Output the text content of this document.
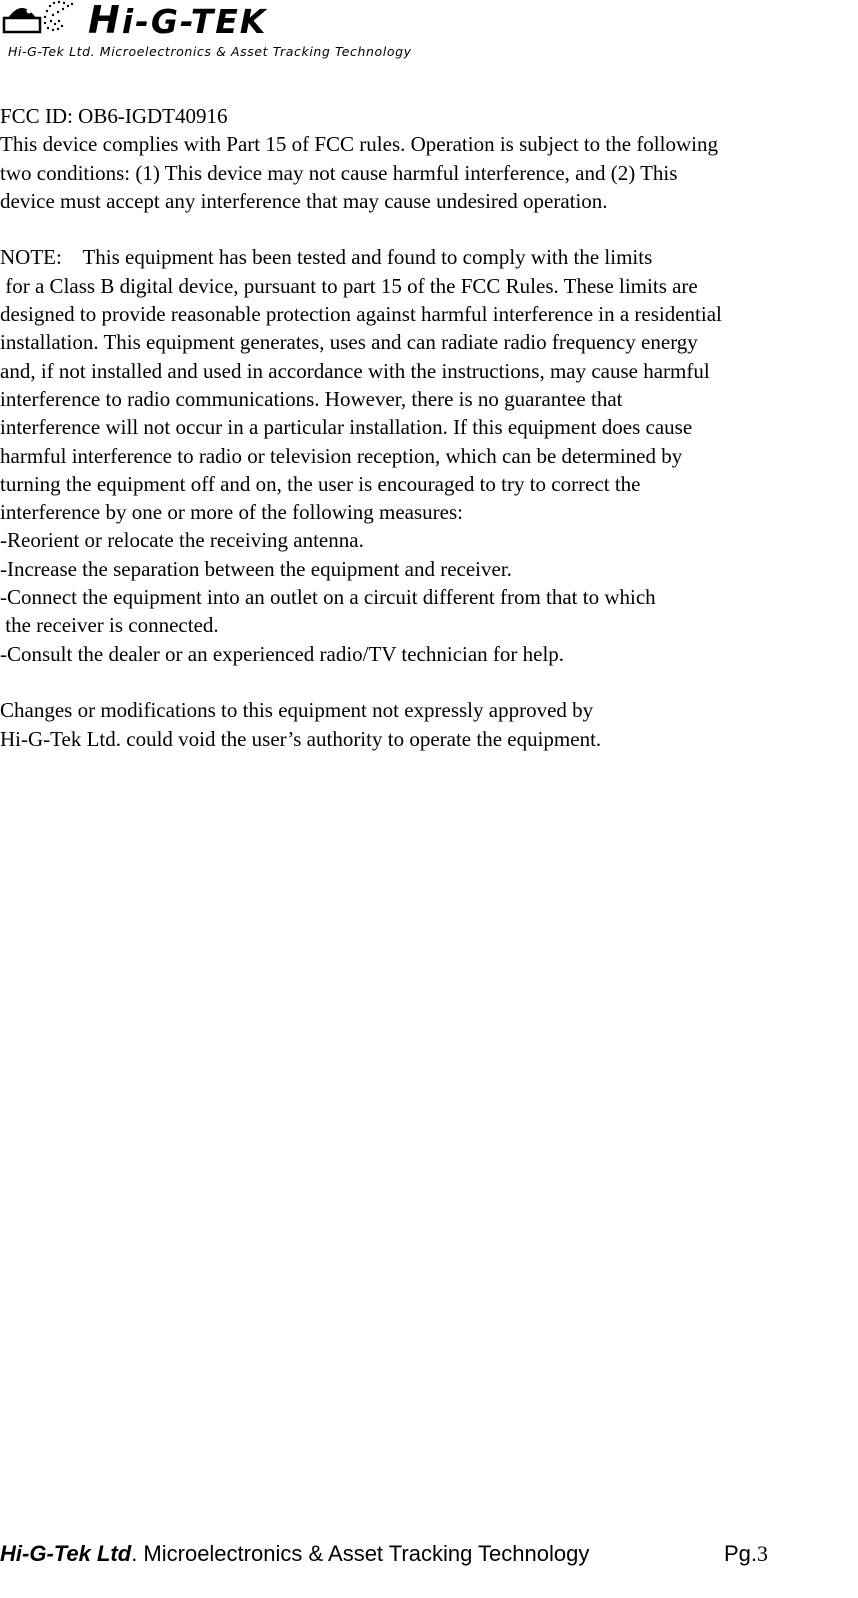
Hi-G-TEK
Hi-G-Tek Ltd. Microelectronics & Asset Tracking Technology

FCC ID: OB6-IGDT40916

This device complies with Part 15 of FCC rules. Operation is subject to the following

two conditions: (1) This device may not cause harmful interference, and (2) This

device must accept any interference that may cause undesired operation.

NOTE:    This equipment has been tested and found to comply with the limits

for a Class B digital device, pursuant to part 15 of the FCC Rules. These limits are

designed to provide reasonable protection against harmful interference in a residential

installation. This equipment generates, uses and can radiate radio frequency energy

and, if not installed and used in accordance with the instructions, may cause harmful

interference to radio communications. However, there is no guarantee that

interference will not occur in a particular installation. If this equipment does cause

harmful interference to radio or television reception, which can be determined by

turning the equipment off and on, the user is encouraged to try to correct the

interference by one or more of the following measures:

-Reorient or relocate the receiving antenna.

-Increase the separation between the equipment and receiver.

-Connect the equipment into an outlet on a circuit different from that to which

the receiver is connected.

-Consult the dealer or an experienced radio/TV technician for help.

Changes or modifications to this equipment not expressly approved by

Hi-G-Tek Ltd. could void the user’s authority to operate the equipment.

Hi-G-Tek Ltd. Microelectronics & Asset Tracking Technology	Pg.3
